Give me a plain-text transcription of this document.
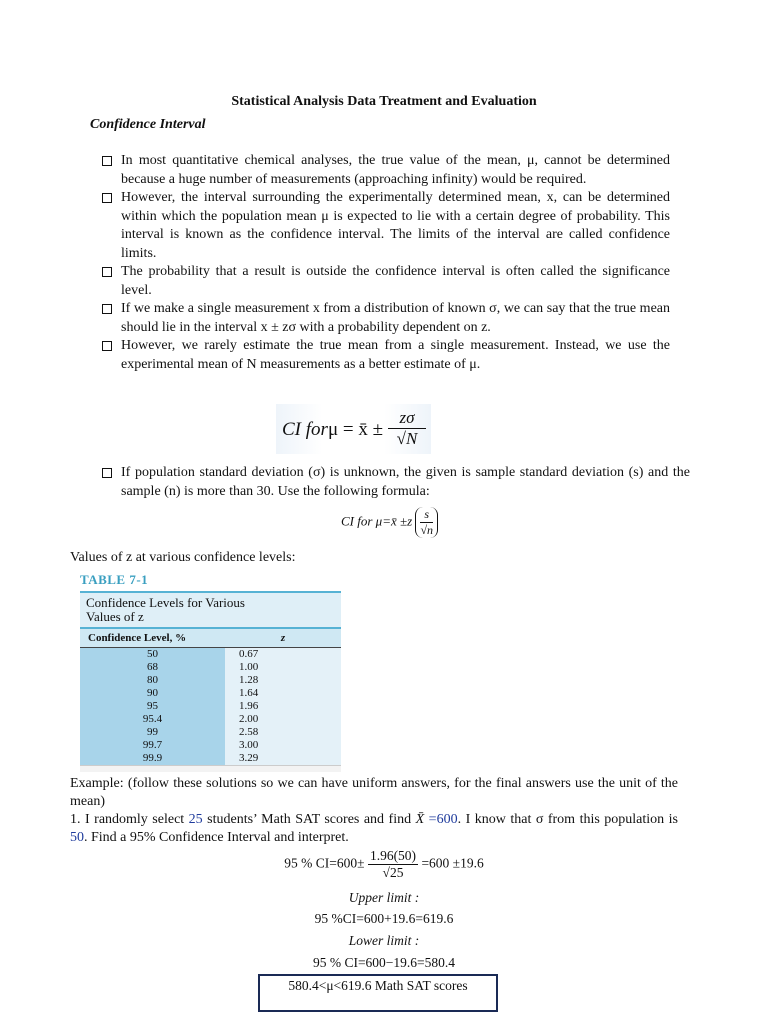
Statistical Analysis Data Treatment and Evaluation
Confidence Interval

In most quantitative chemical analyses, the true value of the mean, μ, cannot be determined because a huge number of measurements (approaching infinity) would be required.

However, the interval surrounding the experimentally determined mean, x, can be determined within which the population mean μ is expected to lie with a certain degree of probability. This interval is known as the confidence interval. The limits of the interval are called confidence limits.

The probability that a result is outside the confidence interval is often called the significance level.

If we make a single measurement x from a distribution of known σ, we can say that the true mean should lie in the interval x ± zσ with a probability dependent on z.

However, we rarely estimate the true mean from a single measurement. Instead, we use the experimental mean of N measurements as a better estimate of μ.

CI forμ = x̄ ± $\frac{z\sigma}{√N}$

If population standard deviation (σ) is unknown, the given is sample standard deviation (s) and the sample (n) is more than 30. Use the following formula:

CI for μ=x̄ $\pm z \frac{s}{√n}$
Values of z at various confidence levels:
TABLE 7-1
Confidence Levels for Various
Values of z
Confidence Level, %	z
50	0.67
68	1.00
80	1.28
90	1.64
95	1.96
95.4	2.00
99	2.58
99.7	3.00
99.9	3.29
Example: (follow these solutions so we can have uniform answers, for the final answers use the unit of the mean)
1. I randomly select 25 students’ Math SAT scores and find X̄ =600. I know that σ from this population is 50. Find a 95% Confidence Interval and interpret.
95 % $CI=600\pm \frac{1.96(50)}{√25} =600 \pm 19.6$
Upper limit :
95 %CI=600+19.6=619.6
Lower limit :
95 % CI=600−19.6=580.4
580.4<μ<619.6 Math SAT scores
